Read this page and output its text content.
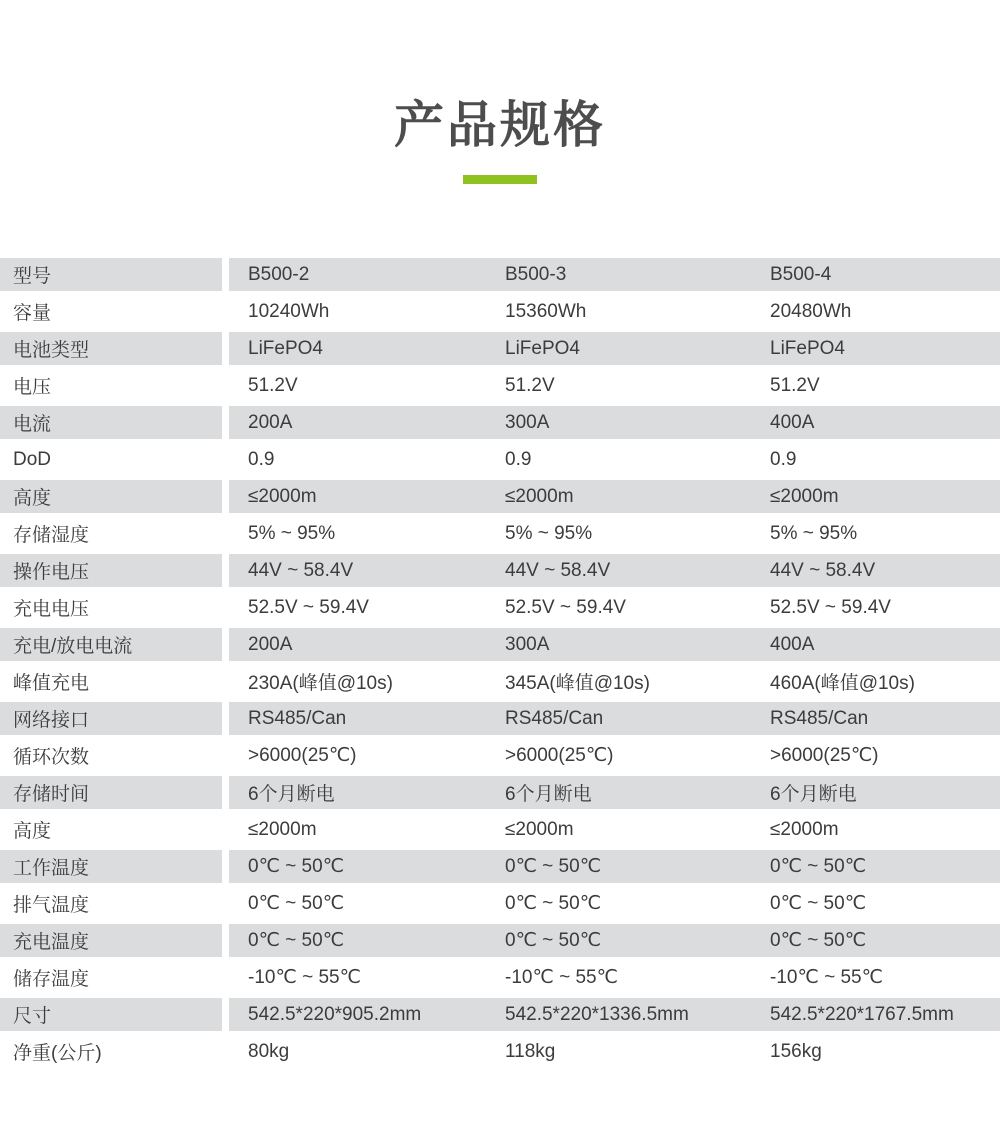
产品规格
型号	B500-2	B500-3	B500-4
容量	10240Wh	15360Wh	20480Wh
电池类型	LiFePO4	LiFePO4	LiFePO4
电压	51.2V	51.2V	51.2V
电流	200A	300A	400A
DoD	0.9	0.9	0.9
高度	≤2000m	≤2000m	≤2000m
存储湿度	5% ~ 95%	5% ~ 95%	5% ~ 95%
操作电压	44V ~ 58.4V	44V ~ 58.4V	44V ~ 58.4V
充电电压	52.5V ~ 59.4V	52.5V ~ 59.4V	52.5V ~ 59.4V
充电/放电电流	200A	300A	400A
峰值充电	230A(峰值@10s)	345A(峰值@10s)	460A(峰值@10s)
网络接口	RS485/Can	RS485/Can	RS485/Can
循环次数	>6000(25℃)	>6000(25℃)	>6000(25℃)
存储时间	6个月断电	6个月断电	6个月断电
高度	≤2000m	≤2000m	≤2000m
工作温度	0℃ ~ 50℃	0℃ ~ 50℃	0℃ ~ 50℃
排气温度	0℃ ~ 50℃	0℃ ~ 50℃	0℃ ~ 50℃
充电温度	0℃ ~ 50℃	0℃ ~ 50℃	0℃ ~ 50℃
储存温度	-10℃ ~ 55℃	-10℃ ~ 55℃	-10℃ ~ 55℃
尺寸	542.5*220*905.2mm	542.5*220*1336.5mm	542.5*220*1767.5mm
净重(公斤)	80kg	118kg	156kg
